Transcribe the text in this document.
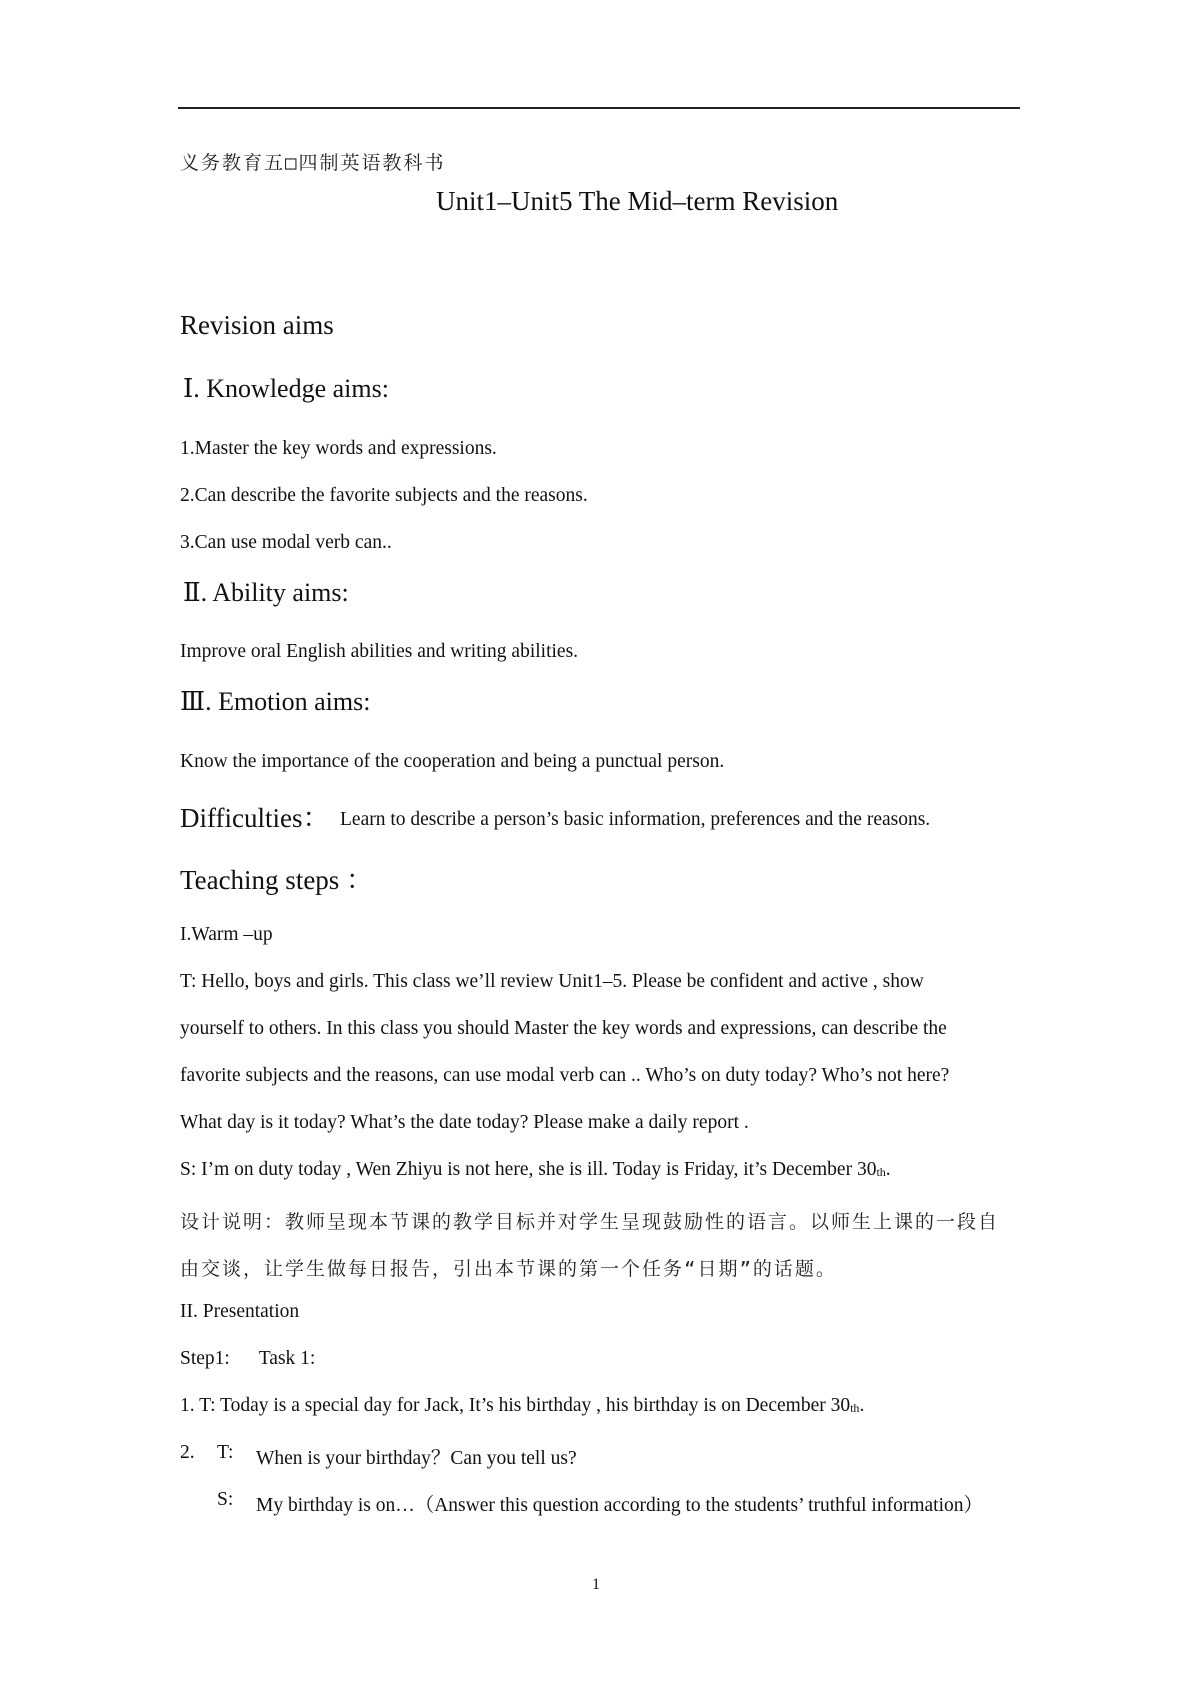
义务教育五□四制英语教科书
Unit1–Unit5 The Mid–term Revision
Revision aims
Ⅰ. Knowledge aims:
1.Master the key words and expressions.
2.Can describe the favorite subjects and the reasons.
3.Can use modal verb can..
Ⅱ. Ability aims:
Improve oral English abilities and writing abilities.
Ⅲ. Emotion aims:
Know the importance of the cooperation and being a punctual person.
Difficulties： Learn to describe a person’s basic information, preferences and the reasons.
Teaching steps ：
I.Warm –up
T: Hello, boys and girls. This class we’ll review Unit1–5. Please be confident and active , show
yourself to others. In this class you should Master the key words and expressions, can describe the
favorite subjects and the reasons, can use modal verb can .. Who’s on duty today? Who’s not here?
What day is it today? What’s the date today? Please make a daily report .
S: I’m on duty today , Wen Zhiyu is not here, she is ill. Today is Friday, it’s December 30th.
设计说明：教师呈现本节课的教学目标并对学生呈现鼓励性的语言。以师生上课的一段自
由交谈，让学生做每日报告，引出本节课的第一个任务“日期”的话题。
II. Presentation
Step1:      Task 1:
1. T: Today is a special day for Jack, It’s his birthday , his birthday is on December 30th.
2. T: When is your birthday？Can you tell us?
S: My birthday is on…（Answer this question according to the students’ truthful information）
1
